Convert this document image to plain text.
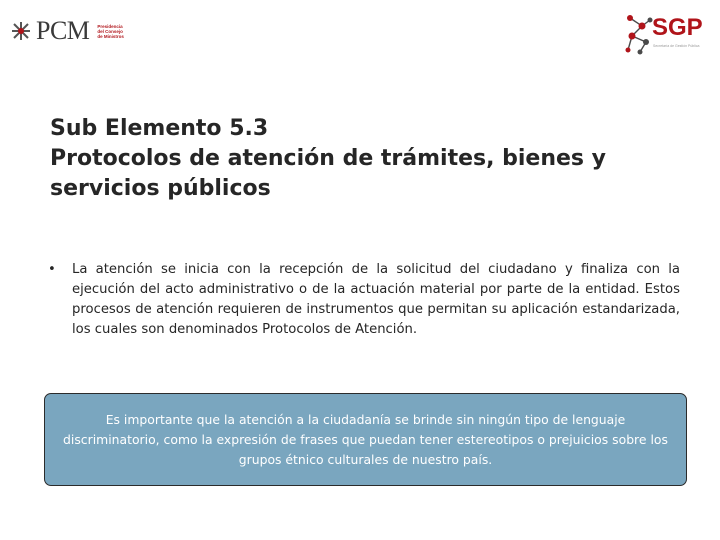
PCM Presidencia
del Consejo
de Ministros	SGP
Secretaría de Gestión Pública
Sub Elemento 5.3
Protocolos de atención de trámites, bienes y
servicios públicos
• La atención se inicia con la recepción de la solicitud del ciudadano y finaliza con la ejecución del acto administrativo o de la actuación material por parte de la entidad. Estos procesos de atención requieren de instrumentos que permitan su aplicación estandarizada, los cuales son denominados Protocolos de Atención.
Es importante que la atención a la ciudadanía se brinde sin ningún tipo de lenguaje discriminatorio, como la expresión de frases que puedan tener estereotipos o prejuicios sobre los grupos étnico culturales de nuestro país.
